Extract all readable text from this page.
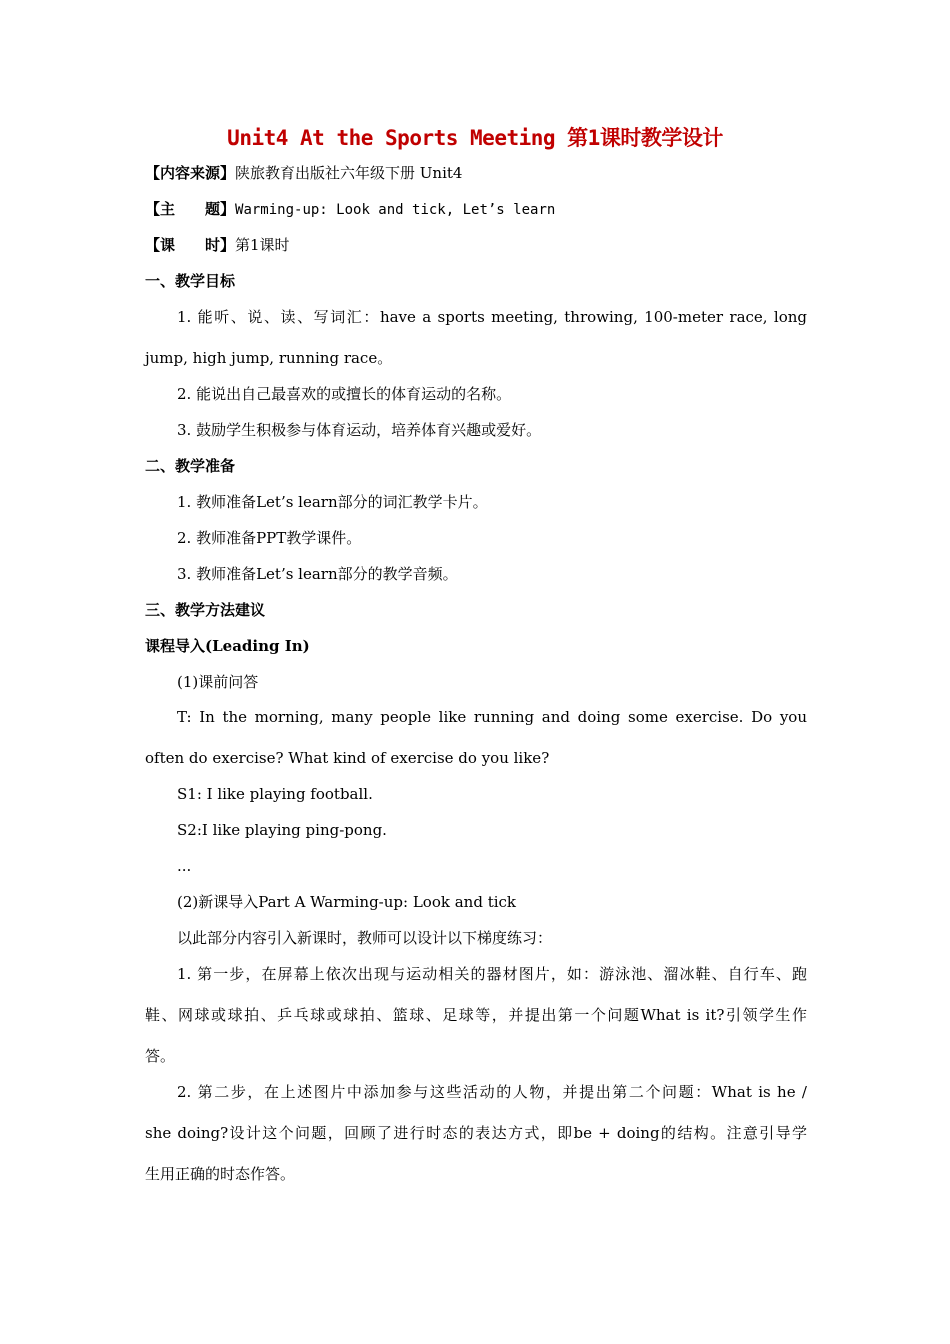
Unit4 At the Sports Meeting 第1课时教学设计
【内容来源】陕旅教育出版社六年级下册 Unit4
【主　　题】Warming-up: Look and tick, Let’s learn
【课　　时】第1课时
一、教学目标
1. 能听、说、读、写词汇：have a sports meeting, throwing, 100-meter race, long
jump, high jump, running race。
2. 能说出自己最喜欢的或擅长的体育运动的名称。
3. 鼓励学生积极参与体育运动，培养体育兴趣或爱好。
二、教学准备
1. 教师准备Let’s learn部分的词汇教学卡片。
2. 教师准备PPT教学课件。
3. 教师准备Let’s learn部分的教学音频。
三、教学方法建议
课程导入(Leading In)
(1)课前问答
T: In the morning, many people like running and doing some exercise. Do you
often do exercise? What kind of exercise do you like?
S1: I like playing football.
S2:I like playing ping-pong.
...
(2)新课导入Part A Warming-up: Look and tick
以此部分内容引入新课时，教师可以设计以下梯度练习：
1. 第一步，在屏幕上依次出现与运动相关的器材图片，如：游泳池、溜冰鞋、自行车、跑
鞋、网球或球拍、乒乓球或球拍、篮球、足球等，并提出第一个问题What is it?引领学生作
答。
2. 第二步，在上述图片中添加参与这些活动的人物，并提出第二个问题：What is he /
she doing?设计这个问题，回顾了进行时态的表达方式，即be + doing的结构。注意引导学
生用正确的时态作答。
